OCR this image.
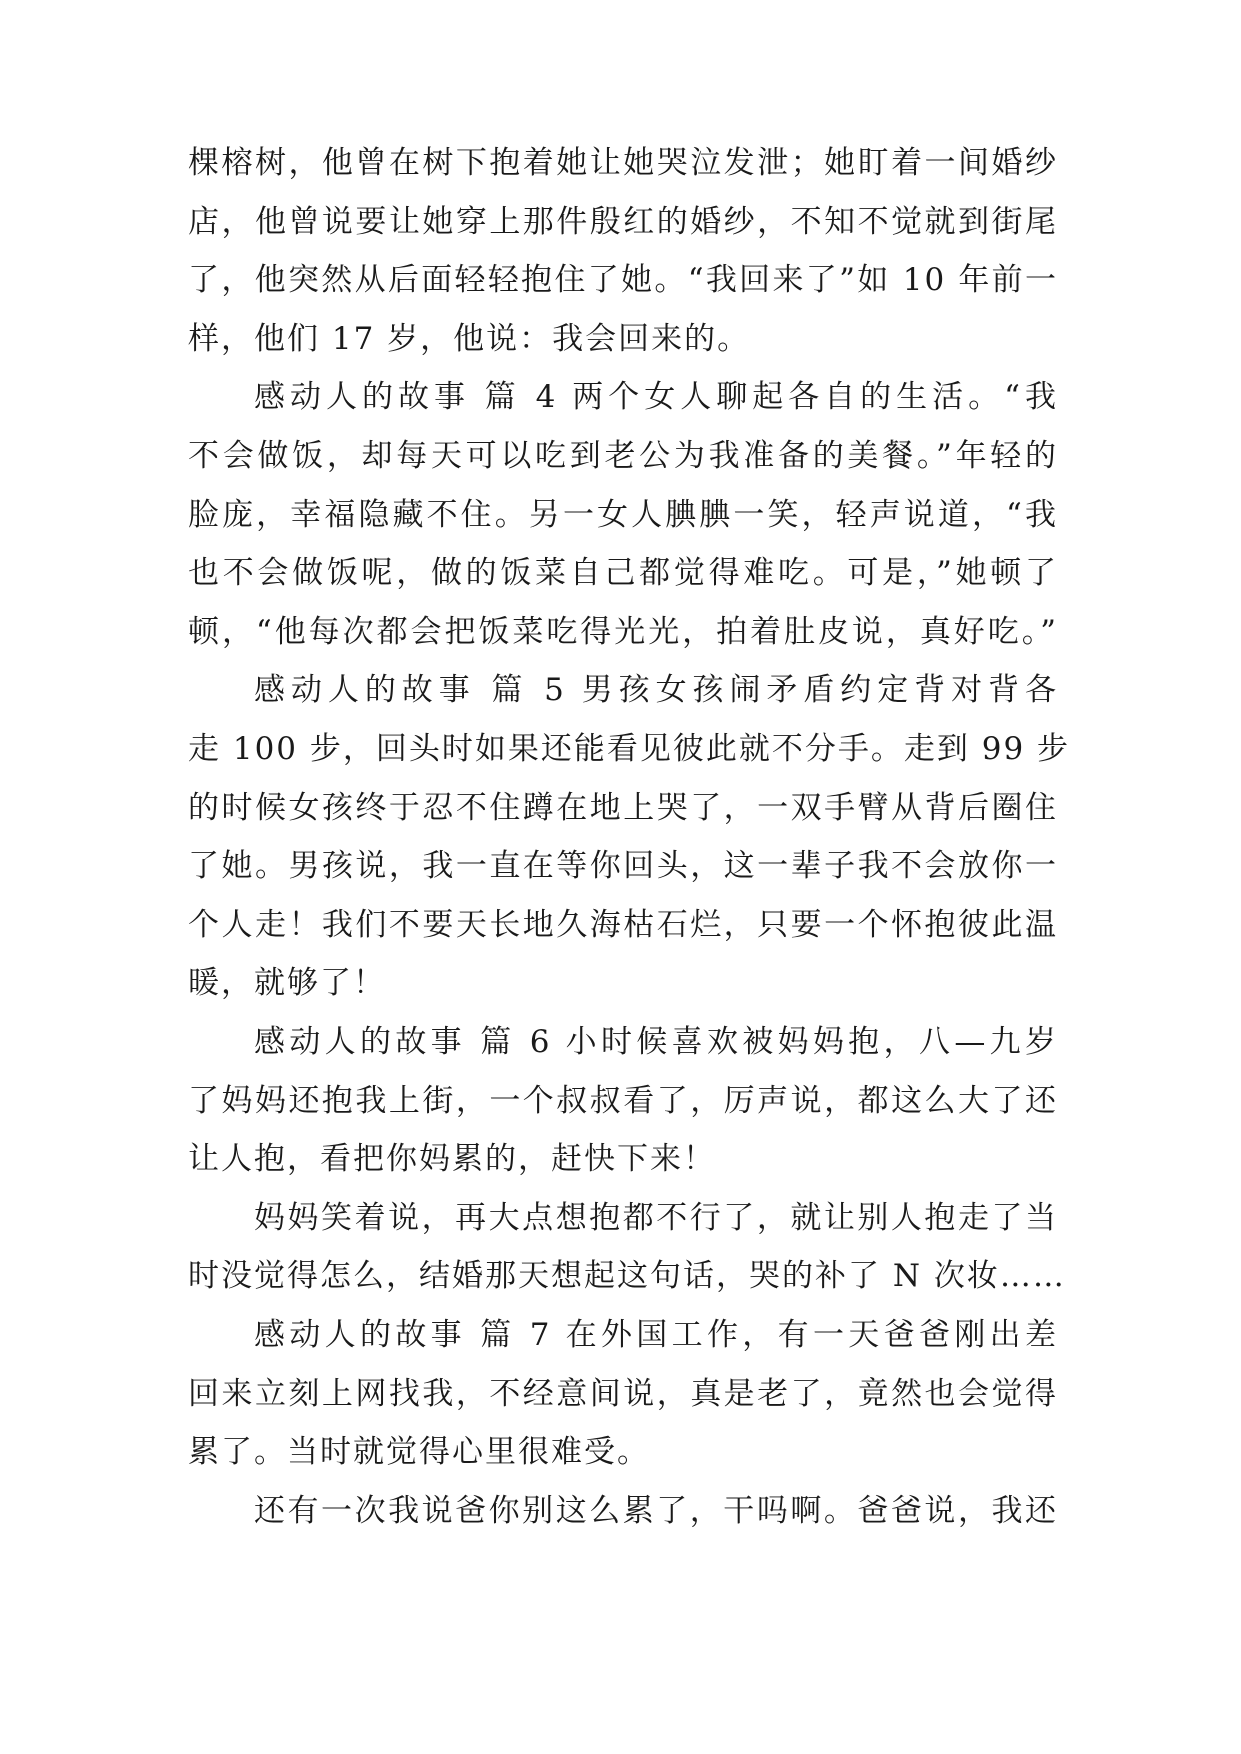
棵榕树，他曾在树下抱着她让她哭泣发泄；她盯着一间婚纱
店，他曾说要让她穿上那件殷红的婚纱，不知不觉就到街尾
了，他突然从后面轻轻抱住了她。“我回来了”如 10 年前一
样，他们 17 岁，他说：我会回来的。
感动人的故事 篇 4 两个女人聊起各自的生活。“我
不会做饭，却每天可以吃到老公为我准备的美餐。”年轻的
脸庞，幸福隐藏不住。另一女人腆腆一笑，轻声说道，“我
也不会做饭呢，做的饭菜自己都觉得难吃。可是，”她顿了
顿，“他每次都会把饭菜吃得光光，拍着肚皮说，真好吃。”
感动人的故事 篇 5 男孩女孩闹矛盾约定背对背各
走 100 步，回头时如果还能看见彼此就不分手。走到 99 步
的时候女孩终于忍不住蹲在地上哭了，一双手臂从背后圈住
了她。男孩说，我一直在等你回头，这一辈子我不会放你一
个人走！我们不要天长地久海枯石烂，只要一个怀抱彼此温
暖，就够了！
感动人的故事 篇 6 小时候喜欢被妈妈抱，八—九岁
了妈妈还抱我上街，一个叔叔看了，厉声说，都这么大了还
让人抱，看把你妈累的，赶快下来！
妈妈笑着说，再大点想抱都不行了，就让别人抱走了当
时没觉得怎么，结婚那天想起这句话，哭的补了 N 次妆……
感动人的故事 篇 7 在外国工作，有一天爸爸刚出差
回来立刻上网找我，不经意间说，真是老了，竟然也会觉得
累了。当时就觉得心里很难受。
还有一次我说爸你别这么累了，干吗啊。爸爸说，我还
